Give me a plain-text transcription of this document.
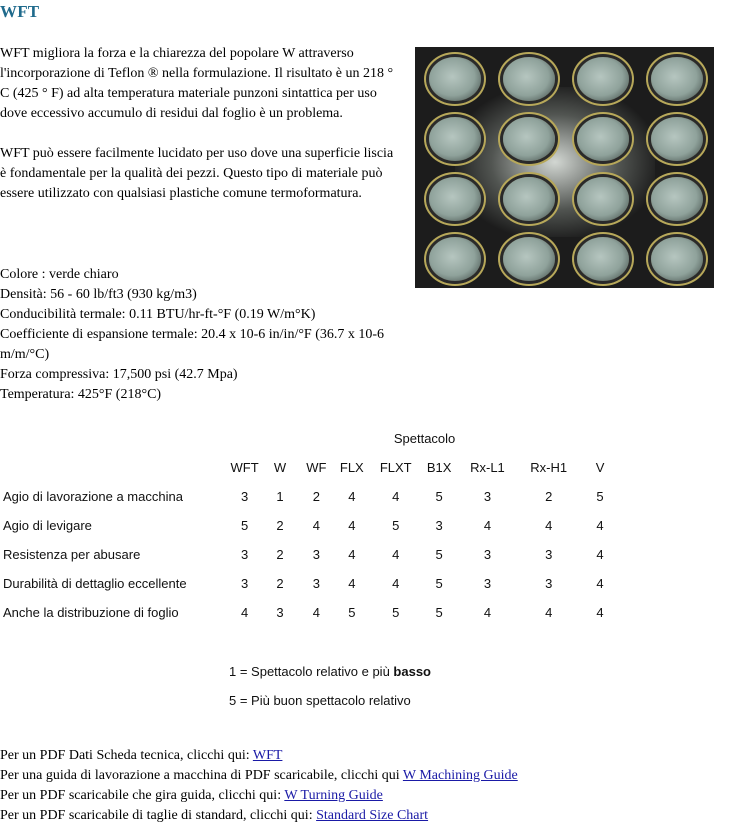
WFT

WFT migliora la forza e la chiarezza del popolare W attraverso l'incorporazione di Teflon ® nella formulazione. Il risultato è un 218 ° C (425 ° F) ad alta temperatura materiale punzoni sintattica per uso dove eccessivo accumulo di residui dal foglio è un problema.

WFT può essere facilmente lucidato per uso dove una superficie liscia è fondamentale per la qualità dei pezzi. Questo tipo di materiale può essere utilizzato con qualsiasi plastiche comune termoformatura.

Colore : verde chiaro
Densità: 56 - 60 lb/ft3 (930 kg/m3)
Conducibilità termale: 0.11 BTU/hr-ft-°F (0.19 W/m°K)
Coefficiente di espansione termale: 20.4 x 10-6 in/in/°F (36.7 x 10-6 m/m/°C)
Forza compressiva: 17,500 psi (42.7 Mpa)
Temperatura: 425°F (218°C)
	Spettacolo								
	WFT	W	WF	FLX	FLXT	B1X	Rx-L1	Rx-H1	V
Agio di lavorazione a macchina	3	1	2	4	4	5	3	2	5
Agio di levigare	5	2	4	4	5	3	4	4	4
Resistenza per abusare	3	2	3	4	4	5	3	3	4
Durabilità di dettaglio eccellente	3	2	3	4	4	5	3	3	4
Anche la distribuzione di foglio	4	3	4	5	5	5	4	4	4
1 = Spettacolo relativo e più basso
5 = Più buon spettacolo relativo
Per un PDF Dati Scheda tecnica, clicchi qui: WFT
Per una guida di lavorazione a macchina di PDF scaricabile, clicchi qui W Machining Guide
Per un PDF scaricabile che gira guida, clicchi qui: W Turning Guide
Per un PDF scaricabile di taglie di standard, clicchi qui: Standard Size Chart
